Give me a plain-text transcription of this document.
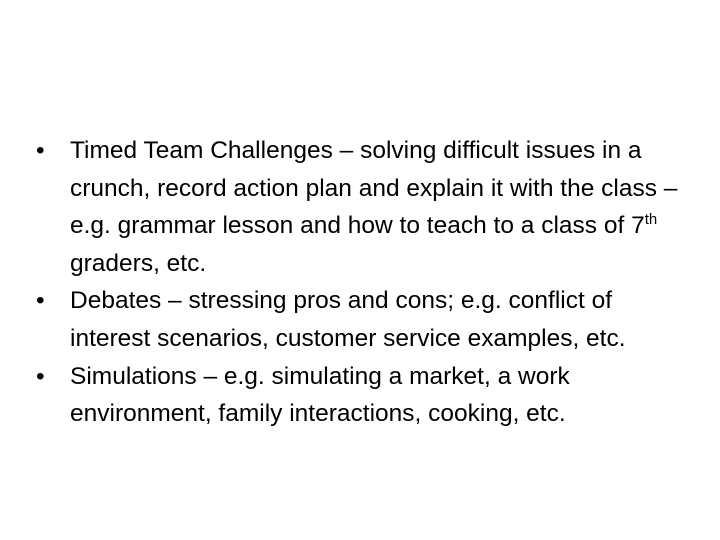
•	Timed Team Challenges – solving difficult issues in a crunch, record action plan and explain it with the class – e.g. grammar lesson and how to teach to a class of 7th graders, etc.
•	Debates – stressing pros and cons; e.g. conflict of interest scenarios, customer service examples, etc.
•	Simulations – e.g. simulating a market, a work environment, family interactions, cooking, etc.
